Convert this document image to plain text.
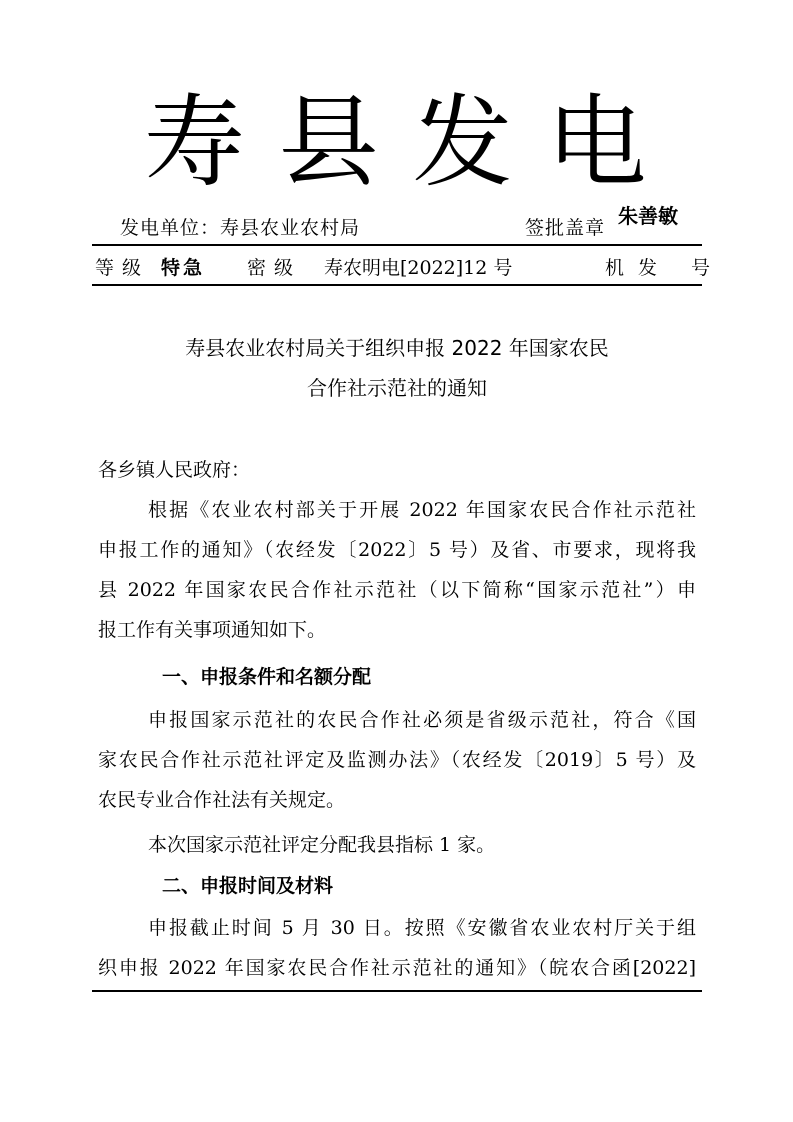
寿县发电
发电单位：寿县农业农村局	签批盖章 朱善敏
等级 特急 密级 寿农明电[2022]12 号	机发 号
寿县农业农村局关于组织申报 2022 年国家农民
合作社示范社的通知
各乡镇人民政府：
根据《农业农村部关于开展 2022 年国家农民合作社示范社
申报工作的通知》（农经发〔2022〕5 号）及省、市要求，现将我
县 2022 年国家农民合作社示范社（以下简称“国家示范社”）申
报工作有关事项通知如下。
一、申报条件和名额分配
申报国家示范社的农民合作社必须是省级示范社，符合《国
家农民合作社示范社评定及监测办法》（农经发〔2019〕5 号）及
农民专业合作社法有关规定。
本次国家示范社评定分配我县指标 1 家。
二、申报时间及材料
申报截止时间 5 月 30 日。按照《安徽省农业农村厅关于组
织申报 2022 年国家农民合作社示范社的通知》（皖农合函[2022]
